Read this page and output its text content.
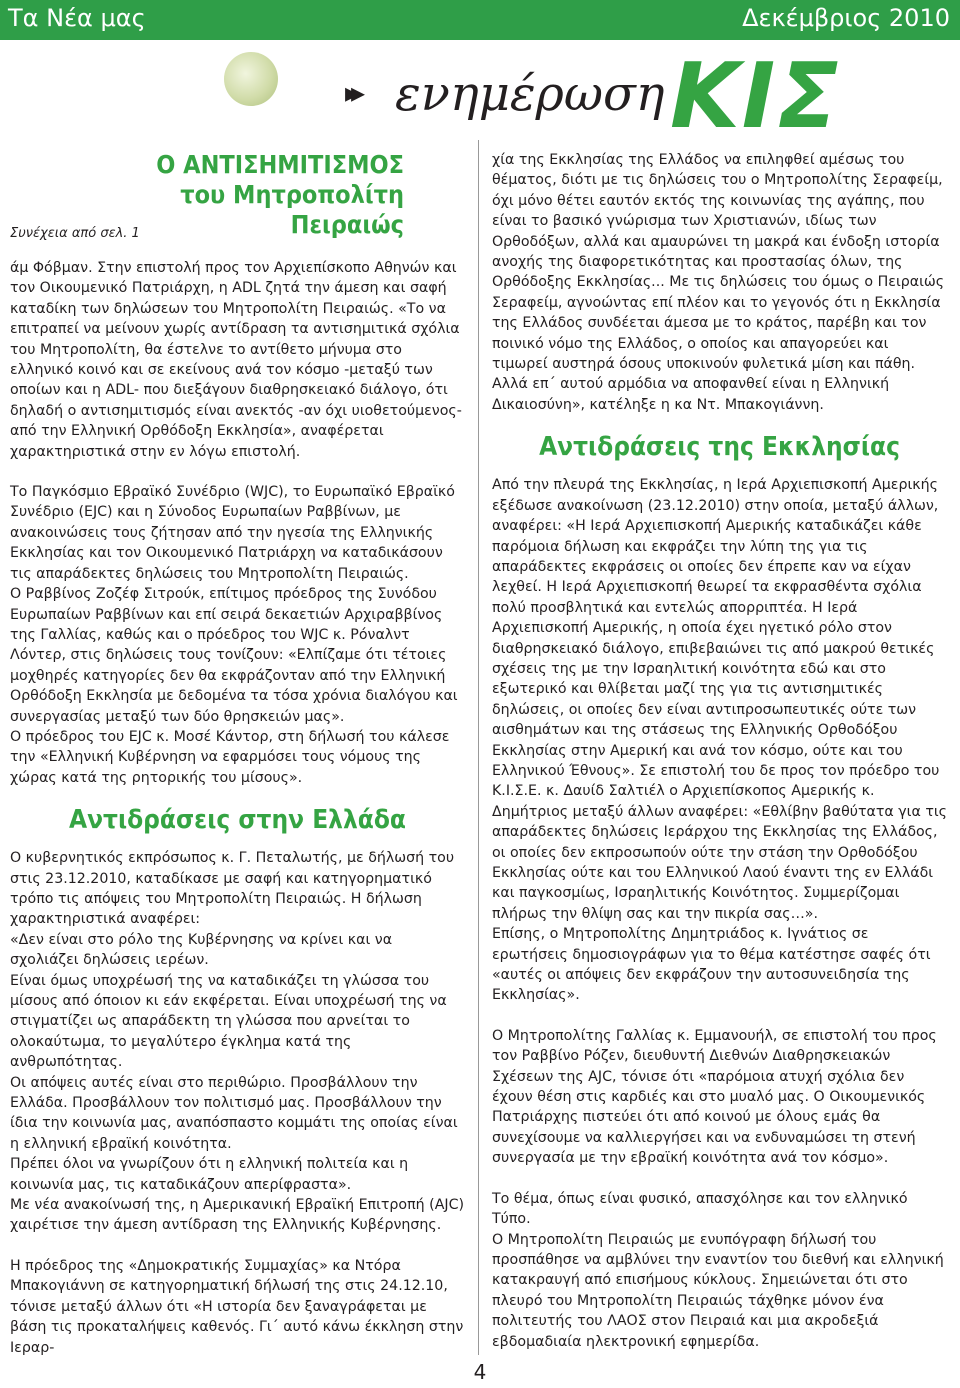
Τα Νέα μας	Δεκέμβριος 2010
▸▸ ενημέρωση ΚΙΣ
Ο ΑΝΤΙΣΗΜΙΤΙΣΜΟΣ
του Μητροπολίτη Πειραιώς
Συνέχεια από σελ. 1

άμ Φόβμαν. Στην επιστολή προς τον Αρχιεπίσκοπο Αθηνών και τον Οικουμενικό Πατριάρχη, η ADL ζητά την άμεση και σαφή καταδίκη των δηλώσεων του Μητροπολίτη Πειραιώς. «Το να επιτραπεί να μείνουν χωρίς αντίδραση τα αντισημιτικά σχόλια του Μητροπολίτη, θα έστελνε το αντίθετο μήνυμα στο ελληνικό κοινό και σε εκείνους ανά τον κόσμο -μεταξύ των οποίων και η ADL- που διεξάγουν διαθρησκειακό διάλογο, ότι δηλαδή ο αντισημιτισμός είναι ανεκτός -αν όχι υιοθετούμενος- από την Ελληνική Ορθόδοξη Εκκλησία», αναφέρεται χαρακτηριστικά στην εν λόγω επιστολή.

Το Παγκόσμιο Εβραϊκό Συνέδριο (WJC), το Ευρωπαϊκό Εβραϊκό Συνέδριο (EJC) και η Σύνοδος Ευρωπαίων Ραββίνων, με ανακοινώσεις τους ζήτησαν από την ηγεσία της Ελληνικής Εκκλησίας και τον Οικουμενικό Πατριάρχη να καταδικάσουν τις απαράδεκτες δηλώσεις του Μητροπολίτη Πειραιώς.

Ο Ραββίνος Ζοζέφ Σιτρούκ, επίτιμος πρόεδρος της Συνόδου Ευρωπαίων Ραββίνων και επί σειρά δεκαετιών Αρχιραββίνος της Γαλλίας, καθώς και ο πρόεδρος του WJC κ. Ρόναλντ Λόντερ, στις δηλώσεις τους τονίζουν: «Ελπίζαμε ότι τέτοιες μοχθηρές κατηγορίες δεν θα εκφράζονταν από την Ελληνική Ορθόδοξη Εκκλησία με δεδομένα τα τόσα χρόνια διαλόγου και συνεργασίας μεταξύ των δύο θρησκειών μας».

Ο πρόεδρος του EJC κ. Μοσέ Κάντορ, στη δήλωσή του κάλεσε την «Ελληνική Κυβέρνηση να εφαρμόσει τους νόμους της χώρας κατά της ρητορικής του μίσους».

Αντιδράσεις στην Ελλάδα

Ο κυβερνητικός εκπρόσωπος κ. Γ. Πεταλωτής, με δήλωσή του στις 23.12.2010, καταδίκασε με σαφή και κατηγορηματικό τρόπο τις απόψεις του Μητροπολίτη Πειραιώς. Η δήλωση χαρακτηριστικά αναφέρει:

«Δεν είναι στο ρόλο της Κυβέρνησης να κρίνει και να σχολιάζει δηλώσεις ιερέων.

Είναι όμως υποχρέωσή της να καταδικάζει τη γλώσσα του μίσους από όποιον κι εάν εκφέρεται. Είναι υποχρέωσή της να στιγματίζει ως απαράδεκτη τη γλώσσα που αρνείται το ολοκαύτωμα, το μεγαλύτερο έγκλημα κατά της ανθρωπότητας.

Οι απόψεις αυτές είναι στο περιθώριο. Προσβάλλουν την Ελλάδα. Προσβάλλουν τον πολιτισμό μας. Προσβάλλουν την ίδια την κοινωνία μας, αναπόσπαστο κομμάτι της οποίας είναι η ελληνική εβραϊκή κοινότητα.

Πρέπει όλοι να γνωρίζουν ότι η ελληνική πολιτεία και η κοινωνία μας, τις καταδικάζουν απερίφραστα».

Με νέα ανακοίνωσή της, η Αμερικανική Εβραϊκή Επιτροπή (AJC) χαιρέτισε την άμεση αντίδραση της Ελληνικής Κυβέρνησης.

Η πρόεδρος της «Δημοκρατικής Συμμαχίας» κα Ντόρα Μπακογιάννη σε κατηγορηματική δήλωσή της στις 24.12.10, τόνισε μεταξύ άλλων ότι «Η ιστορία δεν ξαναγράφεται με βάση τις προκαταλήψεις καθενός. Γι΄ αυτό κάνω έκκληση στην Ιεραρ-

χία της Εκκλησίας της Ελλάδος να επιληφθεί αμέσως του θέματος, διότι με τις δηλώσεις του ο Μητροπολίτης Σεραφείμ, όχι μόνο θέτει εαυτόν εκτός της κοινωνίας της αγάπης, που είναι το βασικό γνώρισμα των Χριστιανών, ιδίως των Ορθοδόξων, αλλά και αμαυρώνει τη μακρά και ένδοξη ιστορία ανοχής της διαφορετικότητας και προστασίας όλων, της Ορθόδοξης Εκκλησίας... Με τις δηλώσεις του όμως ο Πειραιώς Σεραφείμ, αγνοώντας επί πλέον και το γεγονός ότι η Εκκλησία της Ελλάδος συνδέεται άμεσα με το κράτος, παρέβη και τον ποινικό νόμο της Ελλάδος, ο οποίος και απαγορεύει και τιμωρεί αυστηρά όσους υποκινούν φυλετικά μίση και πάθη. Αλλά επ΄ αυτού αρμόδια να αποφανθεί είναι η Ελληνική Δικαιοσύνη», κατέληξε η κα Ντ. Μπακογιάννη.

Αντιδράσεις της Εκκλησίας

Από την πλευρά της Εκκλησίας, η Ιερά Αρχιεπισκοπή Αμερικής εξέδωσε ανακοίνωση (23.12.2010) στην οποία, μεταξύ άλλων, αναφέρει: «Η Ιερά Αρχιεπισκοπή Αμερικής καταδικάζει κάθε παρόμοια δήλωση και εκφράζει την λύπη της για τις απαράδεκτες εκφράσεις οι οποίες δεν έπρεπε καν να είχαν λεχθεί. Η Ιερά Αρχιεπισκοπή θεωρεί τα εκφρασθέντα σχόλια πολύ προσβλητικά και εντελώς απορριπτέα. Η Ιερά Αρχιεπισκοπή Αμερικής, η οποία έχει ηγετικό ρόλο στον διαθρησκειακό διάλογο, επιβεβαιώνει τις από μακρού θετικές σχέσεις της με την Ισραηλιτική κοινότητα εδώ και στο εξωτερικό και θλίβεται μαζί της για τις αντισημιτικές δηλώσεις, οι οποίες δεν είναι αντιπροσωπευτικές ούτε των αισθημάτων και της στάσεως της Ελληνικής Ορθοδόξου Εκκλησίας στην Αμερική και ανά τον κόσμο, ούτε και του Ελληνικού Έθνους». Σε επιστολή του δε προς τον πρόεδρο του Κ.Ι.Σ.Ε. κ. Δαυίδ Σαλτιέλ ο Αρχιεπίσκοπος Αμερικής κ. Δημήτριος μεταξύ άλλων αναφέρει: «Εθλίβην βαθύτατα για τις απαράδεκτες δηλώσεις Ιεράρχου της Εκκλησίας της Ελλάδος, οι οποίες δεν εκπροσωπούν ούτε την στάση την Ορθοδόξου Εκκλησίας ούτε και του Ελληνικού Λαού έναντι της εν Ελλάδι και παγκοσμίως, Ισραηλιτικής Κοινότητος. Συμμερίζομαι πλήρως την θλίψη σας και την πικρία σας…».

Επίσης, ο Μητροπολίτης Δημητριάδος κ. Ιγνάτιος σε ερωτήσεις δημοσιογράφων για το θέμα κατέστησε σαφές ότι «αυτές οι απόψεις δεν εκφράζουν την αυτοσυνειδησία της Εκκλησίας».

Ο Μητροπολίτης Γαλλίας κ. Εμμανουήλ, σε επιστολή του προς τον Ραββίνο Ρόζεν, διευθυντή Διεθνών Διαθρησκειακών Σχέσεων της AJC, τόνισε ότι «παρόμοια ατυχή σχόλια δεν έχουν θέση στις καρδιές και στο μυαλό μας. Ο Οικουμενικός Πατριάρχης πιστεύει ότι από κοινού με όλους εμάς θα συνεχίσουμε να καλλιεργήσει και να ενδυναμώσει τη στενή συνεργασία με την εβραϊκή κοινότητα ανά τον κόσμο».

Το θέμα, όπως είναι φυσικό, απασχόλησε και τον ελληνικό Τύπο.

Ο Μητροπολίτη Πειραιώς με ενυπόγραφη δήλωσή του προσπάθησε να αμβλύνει την εναντίον του διεθνή και ελληνική κατακραυγή από επισήμους κύκλους. Σημειώνεται ότι στο πλευρό του Μητροπολίτη Πειραιώς τάχθηκε μόνον ένα πολιτευτής του ΛΑΟΣ στον Πειραιά και μια ακροδεξιά εβδομαδιαία ηλεκτρονική εφημερίδα.

4
